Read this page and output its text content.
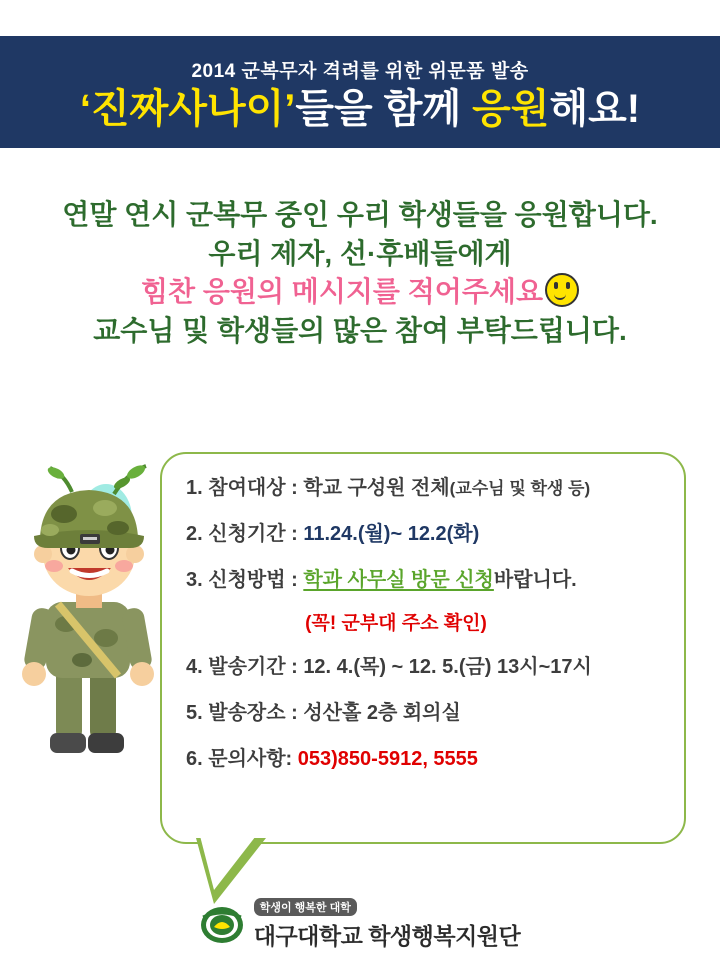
2014 군복무자 격려를 위한 위문품 발송
‘진짜사나이’들을 함께 응원해요!
연말 연시 군복무 중인 우리 학생들을 응원합니다.
우리 제자, 선·후배들에게
힘찬 응원의 메시지를 적어주세요
교수님 및 학생들의 많은 참여 부탁드립니다.
1. 참여대상 : 학교 구성원 전체(교수님 및 학생 등)
2. 신청기간 : 11.24.(월)~ 12.2(화)
3. 신청방법 : 학과 사무실 방문 신청바랍니다.
(꼭! 군부대 주소 확인)
4. 발송기간 : 12. 4.(목) ~ 12. 5.(금) 13시~17시
5. 발송장소 : 성산홀 2층 회의실
6. 문의사항: 053)850-5912, 5555
학생이 행복한 대학
대구대학교 학생행복지원단
